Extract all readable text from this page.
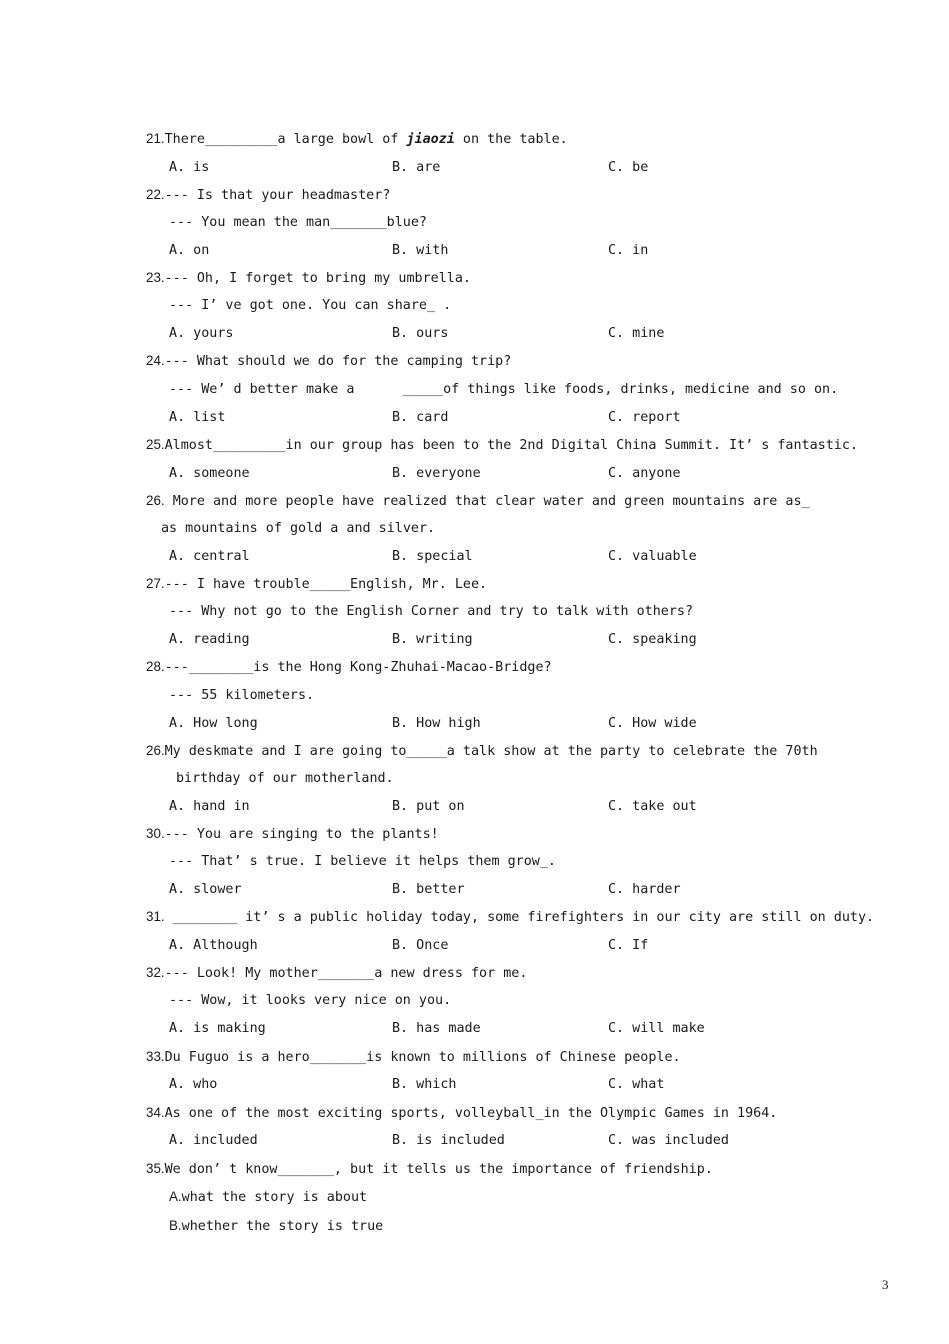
21.There_________a large bowl of jiaozi on the table.
A. is	B. are	C. be
22.--- Is that your headmaster?
--- You mean the man_______blue?
A. on	B. with	C. in
23.--- Oh, I forget to bring my umbrella.
--- I’ ve got one. You can share_ .
A. yours	B. ours	C. mine
24.--- What should we do for the camping trip?
--- We’ d better make a      _____of things like foods, drinks, medicine and so on.
A. list	B. card	C. report
25.Almost_________in our group has been to the 2nd Digital China Summit. It’ s fantastic.
A. someone	B. everyone	C. anyone
26. More and more people have realized that clear water and green mountains are as_
as mountains of gold a and silver.
A. central	B. special	C. valuable
27.--- I have trouble_____English, Mr. Lee.
--- Why not go to the English Corner and try to talk with others?
A. reading	B. writing	C. speaking
28.---________is the Hong Kong-Zhuhai-Macao-Bridge?
--- 55 kilometers.
A. How long	B. How high	C. How wide
26.My deskmate and I are going to_____a talk show at the party to celebrate the 70th
birthday of our motherland.
A. hand in	B. put on	C. take out
30.--- You are singing to the plants!
--- That’ s true. I believe it helps them grow_.
A. slower	B. better	C. harder
31. ________ it’ s a public holiday today, some firefighters in our city are still on duty.
A. Although	B. Once	C. If
32.--- Look! My mother_______a new dress for me.
--- Wow, it looks very nice on you.
A. is making	B. has made	C. will make
33.Du Fuguo is a hero_______is known to millions of Chinese people.
A. who	B. which	C. what
34.As one of the most exciting sports, volleyball_in the Olympic Games in 1964.
A. included	B. is included	C. was included
35.We don’ t know_______, but it tells us the importance of friendship.
A.what the story is about
B.whether the story is true
3
